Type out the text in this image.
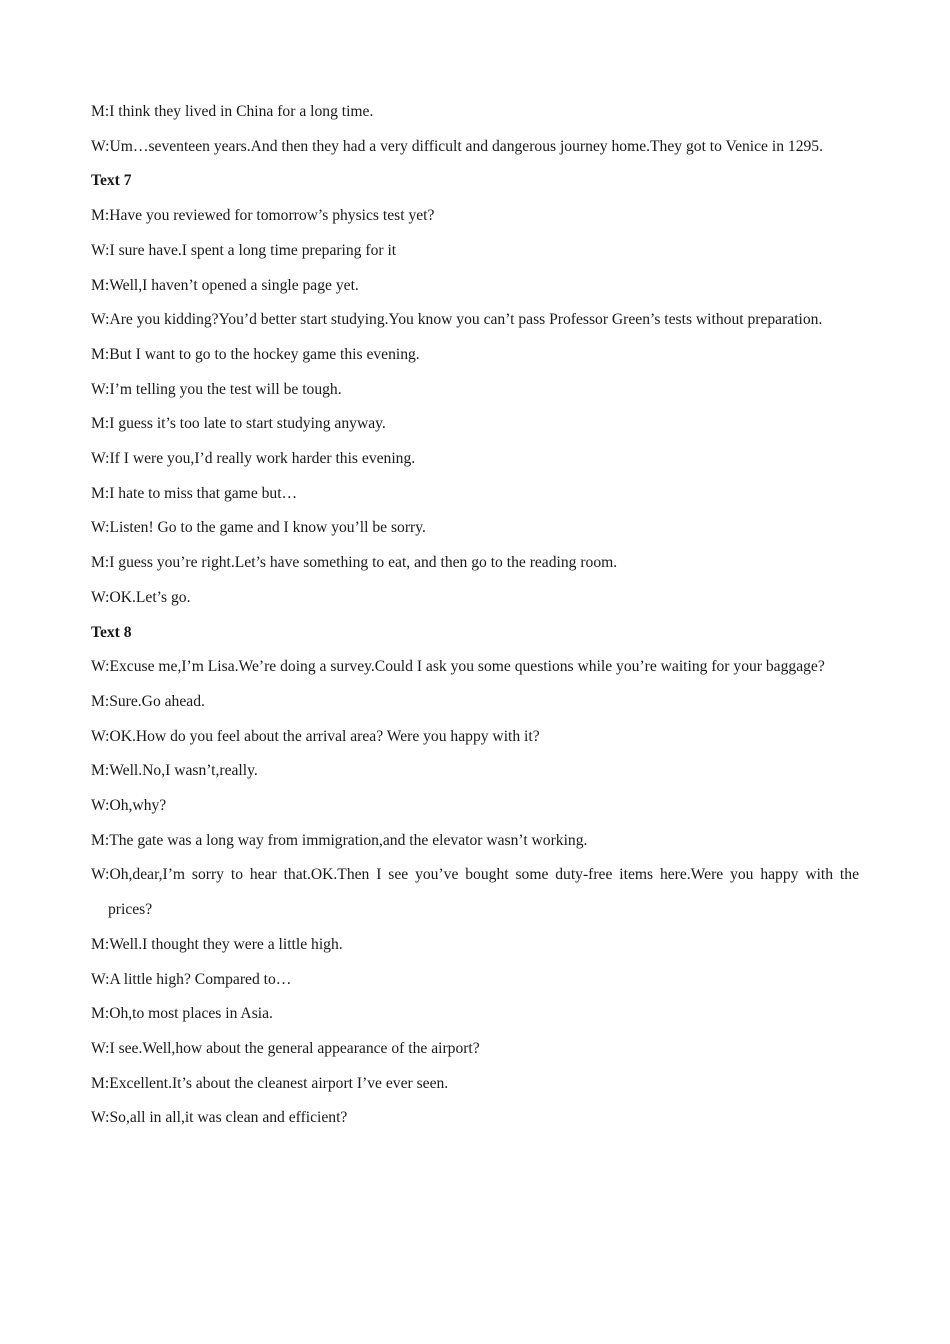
M:I think they lived in China for a long time.

W:Um…seventeen years.And then they had a very difficult and dangerous journey home.They got to Venice in 1295.

Text 7

M:Have you reviewed for tomorrow’s physics test yet?

W:I sure have.I spent a long time preparing for it

M:Well,I haven’t opened a single page yet.

W:Are you kidding?You’d better start studying.You know you can’t pass Professor Green’s tests without preparation.

M:But I want to go to the hockey game this evening.

W:I’m telling you the test will be tough.

M:I guess it’s too late to start studying anyway.

W:If I were you,I’d really work harder this evening.

M:I hate to miss that game but…

W:Listen! Go to the game and I know you’ll be sorry.

M:I guess you’re right.Let’s have something to eat, and then go to the reading room.

W:OK.Let’s go.

Text 8

W:Excuse me,I’m Lisa.We’re doing a survey.Could I ask you some questions while you’re waiting for your baggage?

M:Sure.Go ahead.

W:OK.How do you feel about the arrival area? Were you happy with it?

M:Well.No,I wasn’t,really.

W:Oh,why?

M:The gate was a long way from immigration,and the elevator wasn’t working.

W:Oh,dear,I’m sorry to hear that.OK.Then I see you’ve bought some duty-free items here.Were you happy with the prices?

M:Well.I thought they were a little high.

W:A little high? Compared to…

M:Oh,to most places in Asia.

W:I see.Well,how about the general appearance of the airport?

M:Excellent.It’s about the cleanest airport I’ve ever seen.

W:So,all in all,it was clean and efficient?
